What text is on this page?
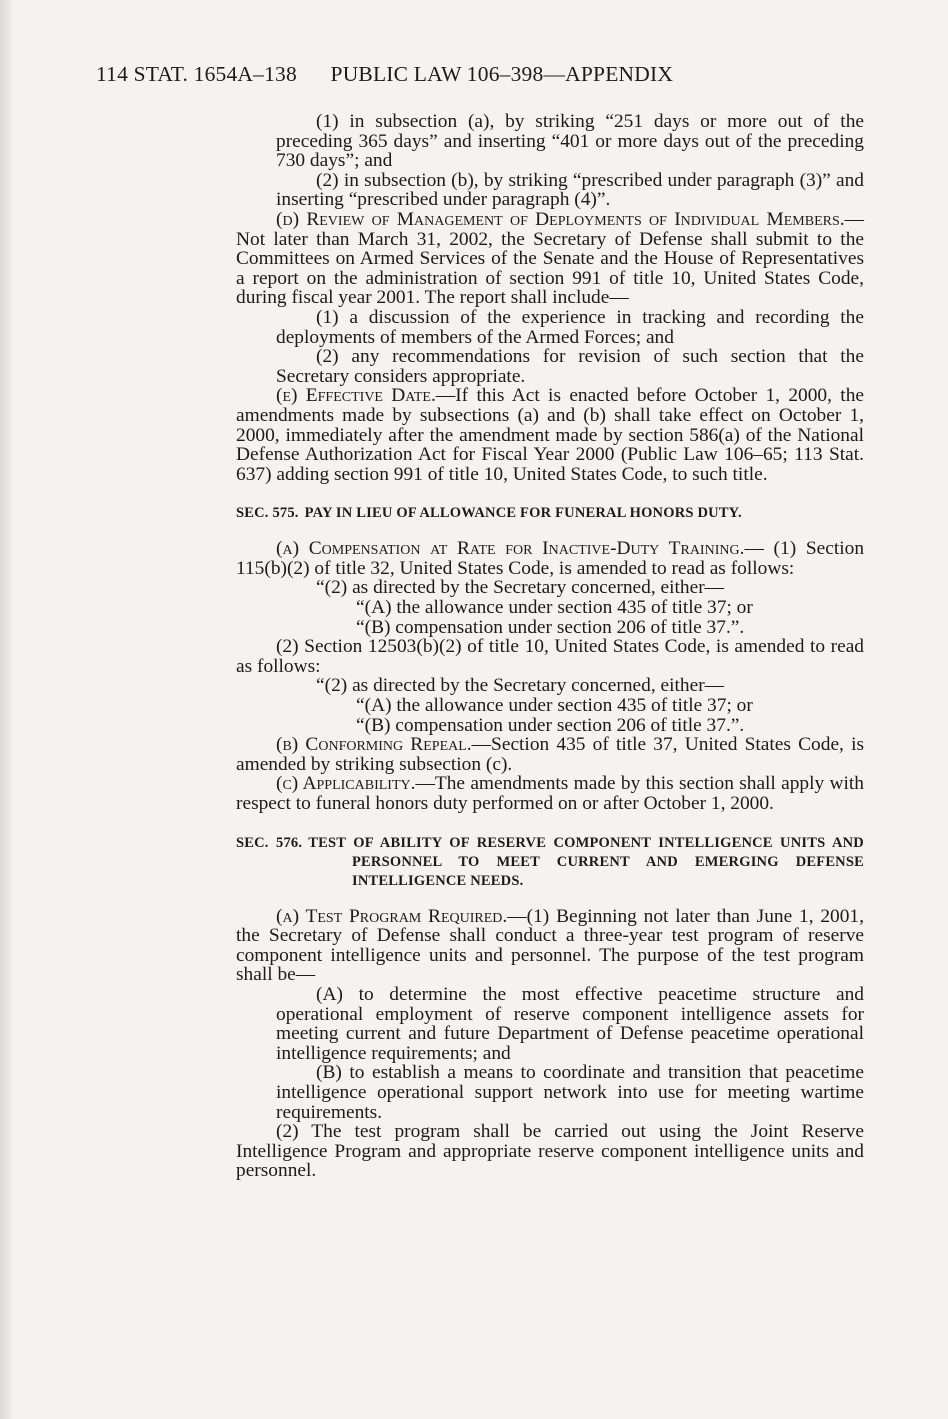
114 STAT. 1654A–138 PUBLIC LAW 106–398—APPENDIX

(1) in subsection (a), by striking “251 days or more out of the preceding 365 days” and inserting “401 or more days out of the preceding 730 days”; and

(2) in subsection (b), by striking “prescribed under paragraph (3)” and inserting “prescribed under paragraph (4)”.

(d) Review of Management of Deployments of Individual Members.—Not later than March 31, 2002, the Secretary of Defense shall submit to the Committees on Armed Services of the Senate and the House of Representatives a report on the administration of section 991 of title 10, United States Code, during fiscal year 2001. The report shall include—

(1) a discussion of the experience in tracking and recording the deployments of members of the Armed Forces; and

(2) any recommendations for revision of such section that the Secretary considers appropriate.

(e) Effective Date.—If this Act is enacted before October 1, 2000, the amendments made by subsections (a) and (b) shall take effect on October 1, 2000, immediately after the amendment made by section 586(a) of the National Defense Authorization Act for Fiscal Year 2000 (Public Law 106–65; 113 Stat. 637) adding section 991 of title 10, United States Code, to such title.

SEC. 575. PAY IN LIEU OF ALLOWANCE FOR FUNERAL HONORS DUTY.

(a) Compensation at Rate for Inactive-Duty Training.— (1) Section 115(b)(2) of title 32, United States Code, is amended to read as follows:

“(2) as directed by the Secretary concerned, either—

“(A) the allowance under section 435 of title 37; or

“(B) compensation under section 206 of title 37.”.

(2) Section 12503(b)(2) of title 10, United States Code, is amended to read as follows:

“(2) as directed by the Secretary concerned, either—

“(A) the allowance under section 435 of title 37; or

“(B) compensation under section 206 of title 37.”.

(b) Conforming Repeal.—Section 435 of title 37, United States Code, is amended by striking subsection (c).

(c) Applicability.—The amendments made by this section shall apply with respect to funeral honors duty performed on or after October 1, 2000.

SEC. 576. TEST OF ABILITY OF RESERVE COMPONENT INTELLIGENCE UNITS AND PERSONNEL TO MEET CURRENT AND EMERGING DEFENSE INTELLIGENCE NEEDS.

(a) Test Program Required.—(1) Beginning not later than June 1, 2001, the Secretary of Defense shall conduct a three-year test program of reserve component intelligence units and personnel. The purpose of the test program shall be—

(A) to determine the most effective peacetime structure and operational employment of reserve component intelligence assets for meeting current and future Department of Defense peacetime operational intelligence requirements; and

(B) to establish a means to coordinate and transition that peacetime intelligence operational support network into use for meeting wartime requirements.

(2) The test program shall be carried out using the Joint Reserve Intelligence Program and appropriate reserve component intelligence units and personnel.
